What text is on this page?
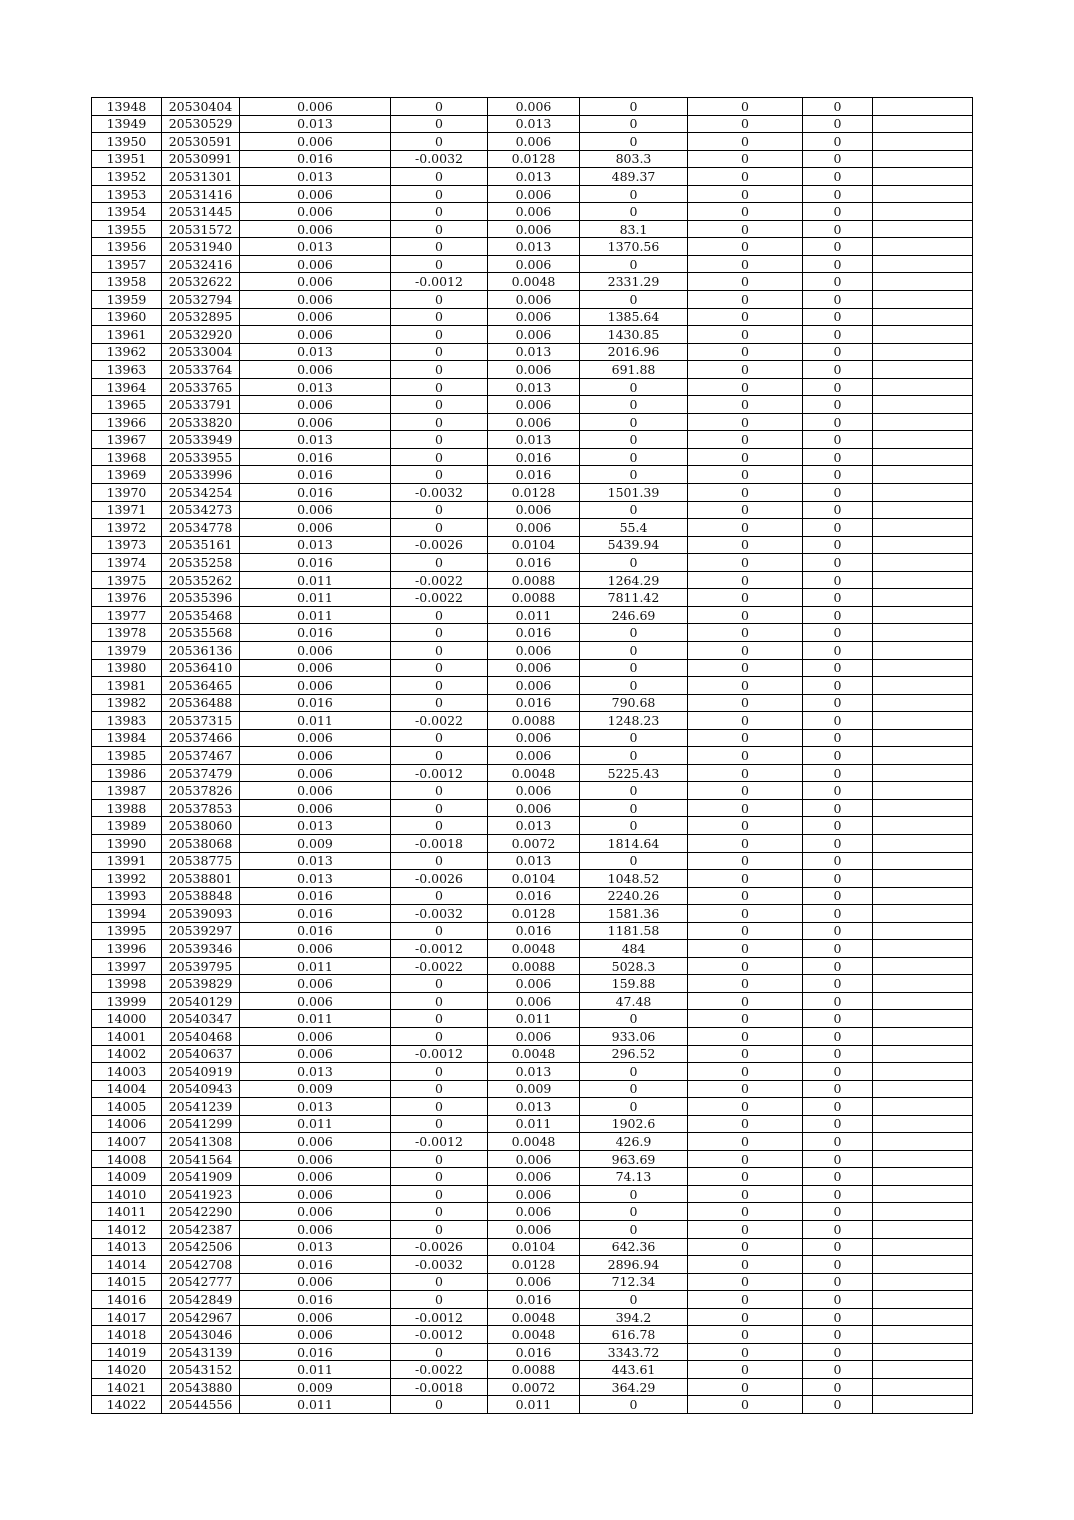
13948	20530404	0.006	0	0.006	0	0	0	
13949	20530529	0.013	0	0.013	0	0	0	
13950	20530591	0.006	0	0.006	0	0	0	
13951	20530991	0.016	-0.0032	0.0128	803.3	0	0	
13952	20531301	0.013	0	0.013	489.37	0	0	
13953	20531416	0.006	0	0.006	0	0	0	
13954	20531445	0.006	0	0.006	0	0	0	
13955	20531572	0.006	0	0.006	83.1	0	0	
13956	20531940	0.013	0	0.013	1370.56	0	0	
13957	20532416	0.006	0	0.006	0	0	0	
13958	20532622	0.006	-0.0012	0.0048	2331.29	0	0	
13959	20532794	0.006	0	0.006	0	0	0	
13960	20532895	0.006	0	0.006	1385.64	0	0	
13961	20532920	0.006	0	0.006	1430.85	0	0	
13962	20533004	0.013	0	0.013	2016.96	0	0	
13963	20533764	0.006	0	0.006	691.88	0	0	
13964	20533765	0.013	0	0.013	0	0	0	
13965	20533791	0.006	0	0.006	0	0	0	
13966	20533820	0.006	0	0.006	0	0	0	
13967	20533949	0.013	0	0.013	0	0	0	
13968	20533955	0.016	0	0.016	0	0	0	
13969	20533996	0.016	0	0.016	0	0	0	
13970	20534254	0.016	-0.0032	0.0128	1501.39	0	0	
13971	20534273	0.006	0	0.006	0	0	0	
13972	20534778	0.006	0	0.006	55.4	0	0	
13973	20535161	0.013	-0.0026	0.0104	5439.94	0	0	
13974	20535258	0.016	0	0.016	0	0	0	
13975	20535262	0.011	-0.0022	0.0088	1264.29	0	0	
13976	20535396	0.011	-0.0022	0.0088	7811.42	0	0	
13977	20535468	0.011	0	0.011	246.69	0	0	
13978	20535568	0.016	0	0.016	0	0	0	
13979	20536136	0.006	0	0.006	0	0	0	
13980	20536410	0.006	0	0.006	0	0	0	
13981	20536465	0.006	0	0.006	0	0	0	
13982	20536488	0.016	0	0.016	790.68	0	0	
13983	20537315	0.011	-0.0022	0.0088	1248.23	0	0	
13984	20537466	0.006	0	0.006	0	0	0	
13985	20537467	0.006	0	0.006	0	0	0	
13986	20537479	0.006	-0.0012	0.0048	5225.43	0	0	
13987	20537826	0.006	0	0.006	0	0	0	
13988	20537853	0.006	0	0.006	0	0	0	
13989	20538060	0.013	0	0.013	0	0	0	
13990	20538068	0.009	-0.0018	0.0072	1814.64	0	0	
13991	20538775	0.013	0	0.013	0	0	0	
13992	20538801	0.013	-0.0026	0.0104	1048.52	0	0	
13993	20538848	0.016	0	0.016	2240.26	0	0	
13994	20539093	0.016	-0.0032	0.0128	1581.36	0	0	
13995	20539297	0.016	0	0.016	1181.58	0	0	
13996	20539346	0.006	-0.0012	0.0048	484	0	0	
13997	20539795	0.011	-0.0022	0.0088	5028.3	0	0	
13998	20539829	0.006	0	0.006	159.88	0	0	
13999	20540129	0.006	0	0.006	47.48	0	0	
14000	20540347	0.011	0	0.011	0	0	0	
14001	20540468	0.006	0	0.006	933.06	0	0	
14002	20540637	0.006	-0.0012	0.0048	296.52	0	0	
14003	20540919	0.013	0	0.013	0	0	0	
14004	20540943	0.009	0	0.009	0	0	0	
14005	20541239	0.013	0	0.013	0	0	0	
14006	20541299	0.011	0	0.011	1902.6	0	0	
14007	20541308	0.006	-0.0012	0.0048	426.9	0	0	
14008	20541564	0.006	0	0.006	963.69	0	0	
14009	20541909	0.006	0	0.006	74.13	0	0	
14010	20541923	0.006	0	0.006	0	0	0	
14011	20542290	0.006	0	0.006	0	0	0	
14012	20542387	0.006	0	0.006	0	0	0	
14013	20542506	0.013	-0.0026	0.0104	642.36	0	0	
14014	20542708	0.016	-0.0032	0.0128	2896.94	0	0	
14015	20542777	0.006	0	0.006	712.34	0	0	
14016	20542849	0.016	0	0.016	0	0	0	
14017	20542967	0.006	-0.0012	0.0048	394.2	0	0	
14018	20543046	0.006	-0.0012	0.0048	616.78	0	0	
14019	20543139	0.016	0	0.016	3343.72	0	0	
14020	20543152	0.011	-0.0022	0.0088	443.61	0	0	
14021	20543880	0.009	-0.0018	0.0072	364.29	0	0	
14022	20544556	0.011	0	0.011	0	0	0	
